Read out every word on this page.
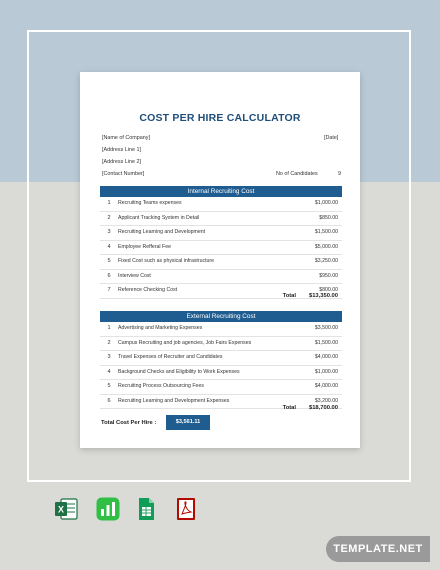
COST PER HIRE CALCULATOR
[Name of Company]	[Date]
[Address Line 1]
[Address Line 2]
[Contact Number]	No of Candidates	9
Internal Recruiting Cost
1	Recruiting Teams expenses	$1,000.00
2	Applicant Tracking System in Detail	$850.00
3	Recruiting Learning and Development	$1,500.00
4	Employee Refferal Fee	$5,000.00
5	Fixed Cost such as physical infrastructure	$3,250.00
6	Interview Cost	$950.00
7	Reference Checking Cost	$800.00
Total $13,350.00
External Recruiting Cost
1	Advertising and Marketing Expenses	$3,500.00
2	Campus Recruiting and job agencies, Job Fairs Expenses	$1,500.00
3	Travel Expenses of Recruiter and Candidates	$4,000.00
4	Background Checks and Eligibility to Work Expenses	$1,000.00
5	Recruiting Process Outsourcing Fees	$4,000.00
6	Recruiting Learning and Development Expenses	$3,200.00
Total $18,700.00
Total Cost Per Hire :	$3,561.11
X
TEMPLATE.NET
